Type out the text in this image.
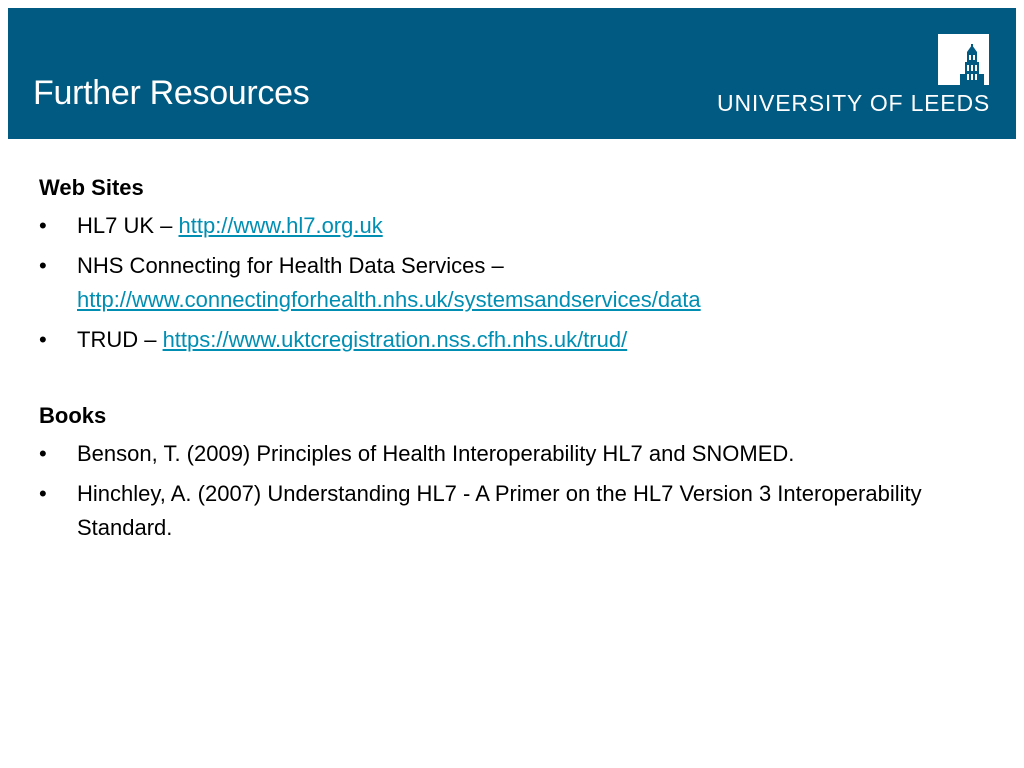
Further Resources	UNIVERSITY OF LEEDS
Web Sites
• HL7 UK – http://www.hl7.org.uk
• NHS Connecting for Health Data Services –
http://www.connectingforhealth.nhs.uk/systemsandservices/data
• TRUD – https://www.uktcregistration.nss.cfh.nhs.uk/trud/
Books
• Benson, T. (2009) Principles of Health Interoperability HL7 and SNOMED.
• Hinchley, A. (2007) Understanding HL7 - A Primer on the HL7 Version 3 Interoperability Standard.
